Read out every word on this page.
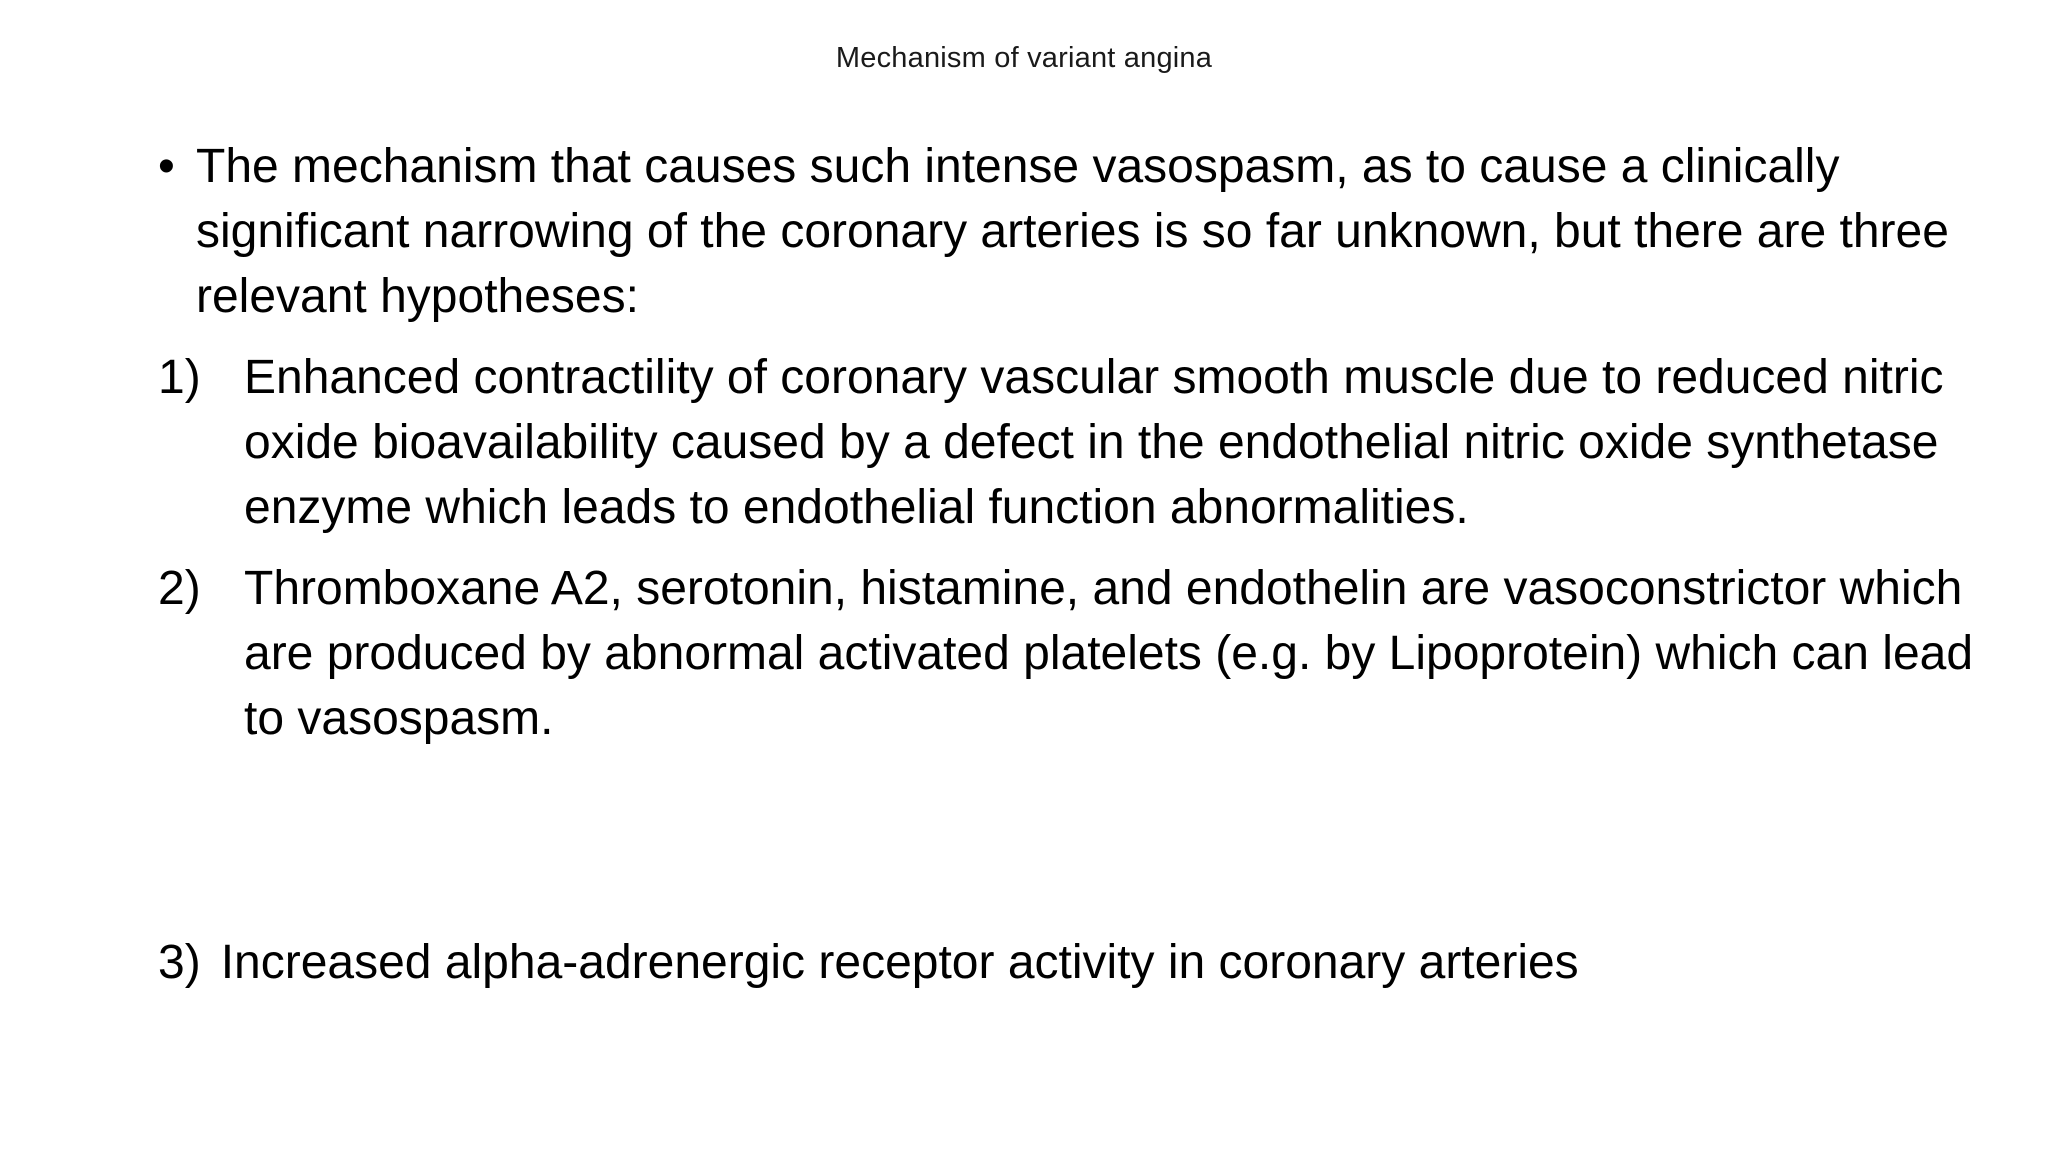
Mechanism of variant angina
• The mechanism that causes such intense vasospasm, as to cause a clinically significant narrowing of the coronary arteries is so far unknown, but there are three relevant hypotheses:
1) Enhanced contractility of coronary vascular smooth muscle due to reduced nitric oxide bioavailability caused by a defect in the endothelial nitric oxide synthetase enzyme which leads to endothelial function abnormalities.
2) Thromboxane A2, serotonin, histamine, and endothelin are vasoconstrictor which are produced by abnormal activated platelets (e.g. by Lipoprotein) which can lead to vasospasm.
3) Increased alpha-adrenergic receptor activity in coronary arteries
